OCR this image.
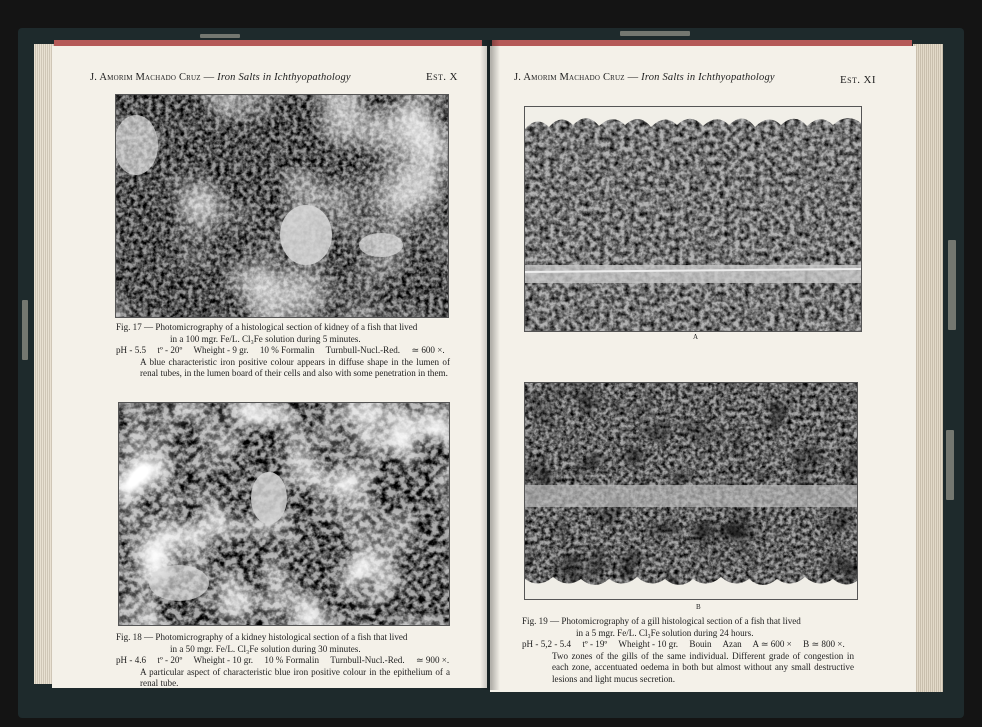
J. Amorim Machado Cruz — Iron Salts in Ichthyopathology	Est. X

Fig. 17 — Photomicrography of a histological section of kidney of a fish that lived

in a 100 mgr. Fe/L. Cl₃Fe solution during 5 minutes.

pH - 5.5     tº - 20º     Wheight - 9 gr.     10 % Formalin     Turnbull-Nucl.-Red.     ≃ 600 ×.

A blue characteristic iron positive colour appears in diffuse shape in the lumen of renal tubes, in the lumen board of their cells and also with some penetration in them.

Fig. 18 — Photomicrography of a kidney histological section of a fish that lived

in a 50 mgr. Fe/L. Cl₃Fe solution during 30 minutes.

pH - 4.6     tº - 20º     Wheight - 10 gr.     10 % Formalin     Turnbull-Nucl.-Red.     ≃ 900 ×.

A particular aspect of characteristic blue iron positive colour in the epithelium of a renal tube.

J. Amorim Machado Cruz — Iron Salts in Ichthyopathology	Est. XI
A
B

Fig. 19 — Photomicrography of a gill histological section of a fish that lived

in a 5 mgr. Fe/L. Cl₃Fe solution during 24 hours.

pH - 5,2 - 5.4     tº - 19º     Wheight - 10 gr.     Bouin     Azan     A ≃ 600 ×     B ≃ 800 ×.

Two zones of the gills of the same individual. Different grade of congestion in each zone, accentuated oedema in both but almost without any small destructive lesions and light mucus secretion.
